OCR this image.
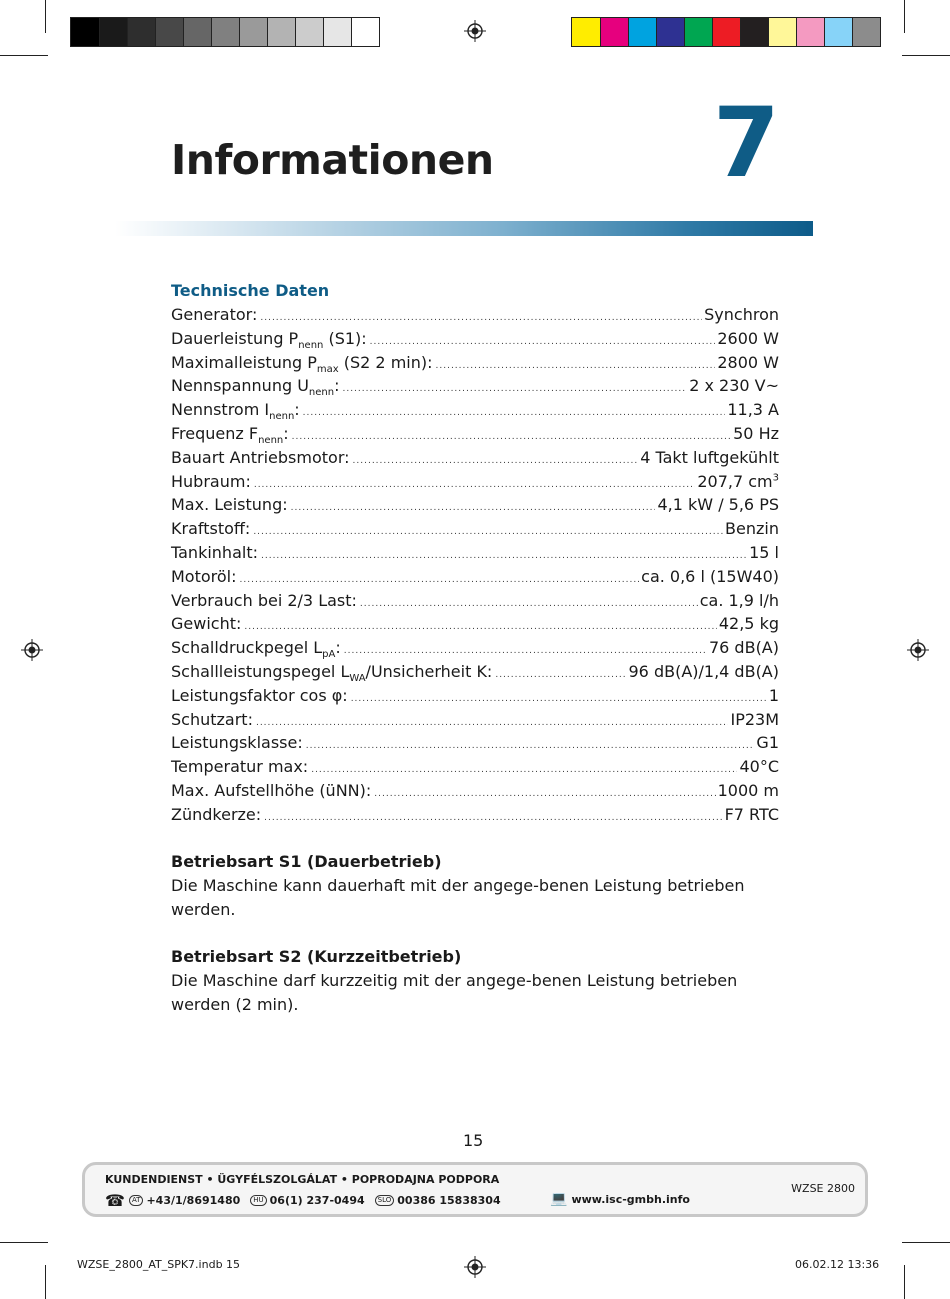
Informationen 7
Technische Daten
Generator: .....	Synchron
Dauerleistung $P_{nenn}$ (S1): .....	2600 W
Maximalleistung $P_{max}$ (S2 2 min): .....	2800 W
Nennspannung $U_{nenn}$: .....	2 x 230 V~
Nennstrom $I_{nenn}$: .....	11,3 A
Frequenz $F_{nenn}$: .....	50 Hz
Bauart Antriebsmotor: .....	4 Takt luftgekühlt
Hubraum: .....	207,7 $cm^3$
Max. Leistung: .....	4,1 kW / 5,6 PS
Kraftstoff: .....	Benzin
Tankinhalt: .....	15 l
Motoröl: .....	ca. 0,6 l (15W40)
Verbrauch bei 2/3 Last: .....	ca. 1,9 l/h
Gewicht: .....	42,5 kg
Schalldruckpegel $L_{pA}$: .....	76 dB(A)
Schallleistungspegel $L_{WA}$/Unsicherheit K: .....	96 dB(A)/1,4 dB(A)
Leistungsfaktor cos φ: .....	1
Schutzart: .....	IP23M
Leistungsklasse: .....	G1
Temperatur max: .....	40°C
Max. Aufstellhöhe (üNN): .....	1000 m
Zündkerze: .....	F7 RTC
Betriebsart S1 (Dauerbetrieb)
Die Maschine kann dauerhaft mit der angege-benen Leistung betrieben werden.
Betriebsart S2 (Kurzzeitbetrieb)
Die Maschine darf kurzzeitig mit der angege-benen Leistung betrieben werden (2 min).
15
KUNDENDIENST • ÜGYFÉLSZOLGÁLAT • POPRODAJNA PODPORA
☎	AT +43/1/8691480	HU 06(1) 237-0494	SLO 00386 15838304	💻 www.isc-gmbh.info
WZSE 2800
WZSE_2800_AT_SPK7.indb 15	06.02.12 13:36
